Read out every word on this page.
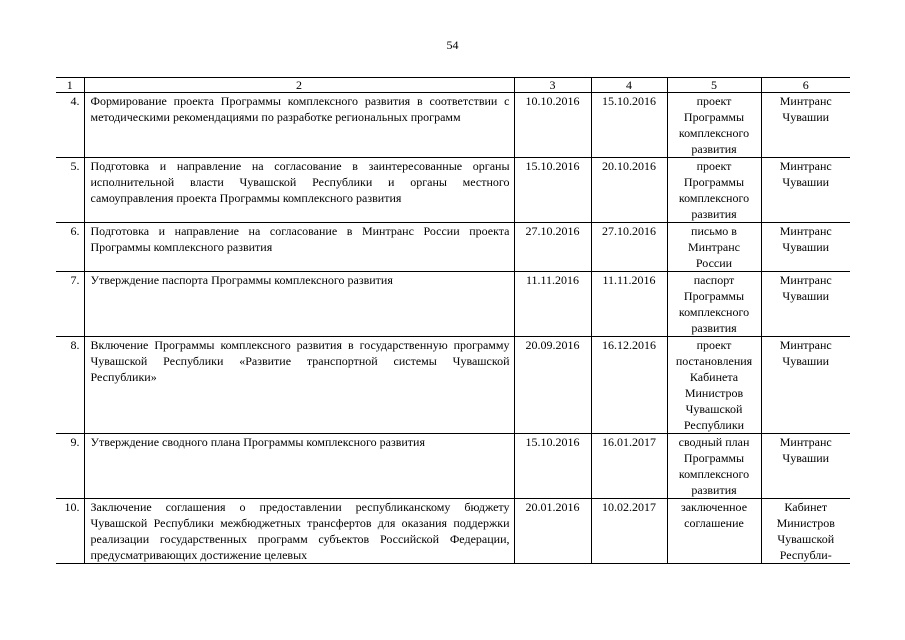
54
1	2	3	4	5	6
4.	Формирование проекта Программы комплексного развития в соответствии с методическими рекомендациями по разработке региональных программ	10.10.2016	15.10.2016	проект Программы комплексного развития	Минтранс Чувашии
5.	Подготовка и направление на согласование в заинтересованные органы исполнительной власти Чувашской Республики и органы местного самоуправления проекта Программы комплексного развития	15.10.2016	20.10.2016	проект Программы комплексного развития	Минтранс Чувашии
6.	Подготовка и направление на согласование в Минтранс России проекта Программы комплексного развития	27.10.2016	27.10.2016	письмо в Минтранс России	Минтранс Чувашии
7.	Утверждение паспорта Программы комплексного развития	11.11.2016	11.11.2016	паспорт Программы комплексного развития	Минтранс Чувашии
8.	Включение Программы комплексного развития в государственную программу Чувашской Республики «Развитие транспортной системы Чувашской Республики»	20.09.2016	16.12.2016	проект постановления Кабинета Министров Чувашской Республики	Минтранс Чувашии
9.	Утверждение сводного плана Программы комплексного развития	15.10.2016	16.01.2017	сводный план Программы комплексного развития	Минтранс Чувашии
10.	Заключение соглашения о предоставлении республиканскому бюджету Чувашской Республики межбюджетных трансфертов для оказания поддержки реализации государственных программ субъектов Российской Федерации, предусматривающих достижение целевых	20.01.2016	10.02.2017	заключенное соглашение	Кабинет Министров Чувашской Республи-
